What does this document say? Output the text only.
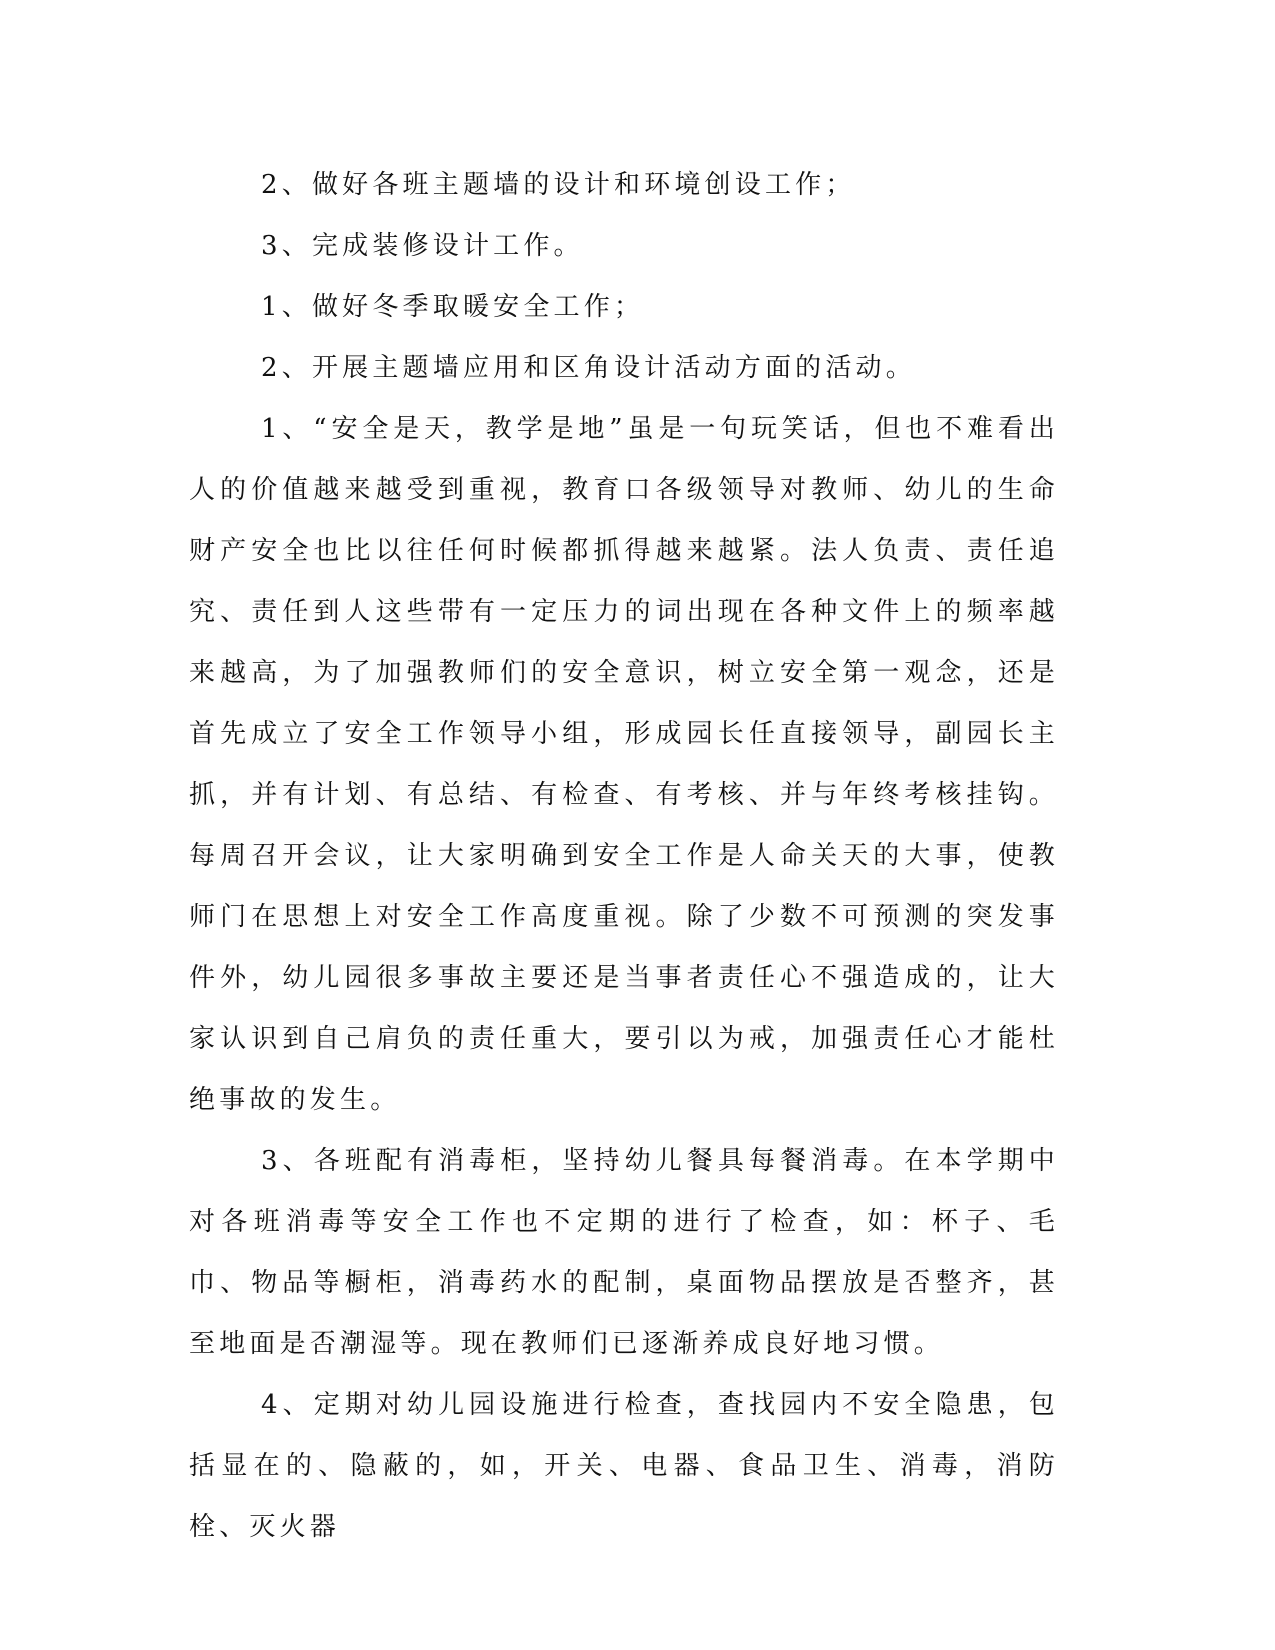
2、做好各班主题墙的设计和环境创设工作；

3、完成装修设计工作。

1、做好冬季取暖安全工作；

2、开展主题墙应用和区角设计活动方面的活动。

1、“安全是天，教学是地”虽是一句玩笑话，但也不难看出人的价值越来越受到重视，教育口各级领导对教师、幼儿的生命财产安全也比以往任何时候都抓得越来越紧。法人负责、责任追究、责任到人这些带有一定压力的词出现在各种文件上的频率越来越高，为了加强教师们的安全意识，树立安全第一观念，还是首先成立了安全工作领导小组，形成园长任直接领导，副园长主抓，并有计划、有总结、有检查、有考核、并与年终考核挂钩。每周召开会议，让大家明确到安全工作是人命关天的大事，使教师门在思想上对安全工作高度重视。除了少数不可预测的突发事件外，幼儿园很多事故主要还是当事者责任心不强造成的，让大家认识到自己肩负的责任重大，要引以为戒，加强责任心才能杜绝事故的发生。

3、各班配有消毒柜，坚持幼儿餐具每餐消毒。在本学期中对各班消毒等安全工作也不定期的进行了检查，如：杯子、毛巾、物品等橱柜，消毒药水的配制，桌面物品摆放是否整齐，甚至地面是否潮湿等。现在教师们已逐渐养成良好地习惯。

4、定期对幼儿园设施进行检查，查找园内不安全隐患，包括显在的、隐蔽的，如，开关、电器、食品卫生、消毒，消防栓、灭火器
